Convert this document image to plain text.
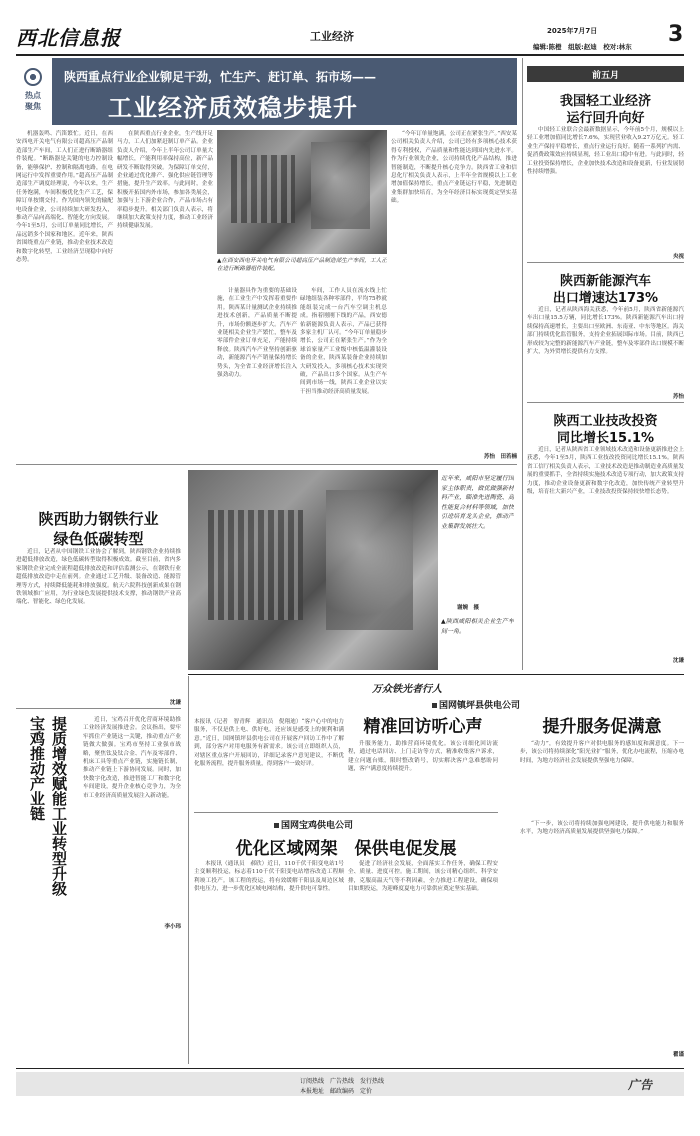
西北信息报	工业经济	2025年7月7日	3
编辑:陈橙　组版:赵迪　校对:林东
热点
聚焦
陕西重点行业企业铆足干劲，忙生产、赶订单、拓市场——
工业经济质效稳步提升

机器轰鸣、汽笛繁忙。近日，在西安西电开关电气有限公司超高压产品制造部生产车间，工人们正进行断路器组件装配。“断路器是关键的电力控制设备，能够保护、控制和隔离电路，在电网运行中发挥重要作用。”超高压产品制造部生产调度经理说，今年以来，生产任务饱满，车间积极优化生产工艺，保障订单按期交付。作为国内领先的输配电设备企业，公司持续加大研发投入，推动产品向高端化、智能化方向发展。今年1至5月，公司订单量同比增长，产品远销多个国家和地区。近年来，陕西省围绕重点产业链，推动企业技术改造和数字化转型，工业经济呈现稳中向好态势。

在陕西重点行业企业，生产线开足马力，工人们加紧赶制订单产品。企业负责人介绍，今年上半年公司订单量大幅增长，产能利用率保持高位，新产品研发不断取得突破。为保障订单交付，企业通过优化排产、强化供应链管理等措施，提升生产效率。与此同时，企业积极开拓国内外市场，参加各类展会，加强与上下游企业合作，产品市场占有率稳步提升。相关部门负责人表示，将继续加大政策支持力度，推动工业经济持续健康发展。

▲在西安西电开关电气有限公司超高压产品制造部生产车间，工人正在进行断路器组件装配。

计量器具作为重要的基础设施，在工业生产中发挥着重要作用。陕西某计量测试企业持续推进技术创新，产品质量不断提升，市场份额逐步扩大。汽车产业链相关企业生产繁忙，整车及零部件企业订单充足，产能持续释放。陕西汽车产业坚持创新驱动，新能源汽车产销量保持增长势头，为全省工业经济增长注入强劲动力。

车间，工作人员在流水线上忙碌地组装各种零部件，平均75秒就能组装完成一台汽车空调主机总成。指着刚刚下线的产品，西安德佑新能源负责人表示，产品已获得多家主机厂认可。“今年订单量稳步增长，公司正在紧张生产。”作为全球首家量产工业级中核低温灌装设备的企业，陕西某装备企业持续加大研发投入，多项核心技术实现突破，产品出口多个国家。从生产车间到市场一线，陕西工业企业以实干担当推动经济高质量发展。

“今年订单量饱满，公司正在紧张生产。”西安某公司相关负责人介绍，公司已经有多项核心技术获得专利授权，产品质量和性能达到国内先进水平。作为行业领先企业，公司持续优化产品结构，推进智能制造，不断提升核心竞争力。陕西省工业和信息化厅相关负责人表示，上半年全省规模以上工业增加值保持增长，重点产业链运行平稳，先进制造业集群加快培育，为全年经济目标实现奠定坚实基础。

苏怡　田若楠
陕西助力钢铁行业
绿色低碳转型

近日，记者从中国钢铁工业协会了解到，陕西钢铁企业持续推进超低排放改造，绿色低碳转型取得积极成效。截至目前，省内多家钢铁企业完成全流程超低排放改造和评估监测公示，在钢铁行业超低排放改造中走在前列。企业通过工艺升级、装备改造、能源管理等方式，持续降低能耗和排放强度。航天六院科技创新成果在钢铁领域推广应用，为行业绿色发展提供技术支撑，推动钢铁产业高端化、智能化、绿色化发展。

沈谦
提质增效赋能工业转型升级　宝鸡推动产业链	近日，宝鸡召开优化营商环境助推工业经济发展推进会。会议指出，要牢牢抓住产业链这一关键，推动重点产业链做大做强。宝鸡市坚持工业强市战略，聚焦钛及钛合金、汽车及零部件、机床工具等重点产业链，实施链长制，推动产业链上下游协同发展。同时，加快数字化改造，推进智能工厂和数字化车间建设，提升企业核心竞争力，为全市工业经济高质量发展注入新动能。

李小玮
近年来，咸阳市坚定履行国家主体职责，做优做强新材料产业，瞄准先进陶瓷、高性能复合材料等领域，加快引进培育龙头企业，推动产业集群发展壮大。
谢婉　摄
▲陕西咸阳相关企业生产车间一角。
前五月
我国轻工业经济
运行回升向好

中国轻工业联合会最新数据显示，今年前5个月，规模以上轻工业增加值同比增长7.6%，实现营业收入9.27万亿元。轻工业生产保持平稳增长，重点行业运行良好。随着一系列扩内需、促消费政策效应持续显现，轻工业出口稳中有进。与此同时，轻工业投资保持增长，企业加快技术改造和设备更新，行业发展韧性持续增强。

央视
陕西新能源汽车
出口增速达173%

近日，记者从陕西海关获悉，今年前5月，陕西省新能源汽车出口量15.5万辆，同比增长173%。陕西新能源汽车出口持续保持高速增长，主要出口至欧洲、东南亚、中东等地区。海关部门持续优化监管服务，支持企业拓展国际市场。目前，陕西已形成较为完整的新能源汽车产业链，整车及零部件出口规模不断扩大，为外贸增长提供有力支撑。

苏怡
陕西工业技改投资
同比增长15.1%

近日，记者从陕西省工业领域技术改造和设备更新推进会上获悉，今年1至5月，陕西工业技改投资同比增长15.1%。陕西省工信厅相关负责人表示，工业技术改造是推动制造业高质量发展的重要抓手，全省持续实施技术改造专项行动，加大政策支持力度，推动企业设备更新和数字化改造，加快传统产业转型升级，培育壮大新兴产业，工业技改投资保持较快增长态势。

沈谦
万众铁光者行人
国网镇坪县供电公司
本报讯（记者　智青辉　通讯员　倪翔迪）“客户心中的电力服务，不仅是供上电、供好电，还应该是感受上的便利和满意。”近日，国网镇坪县供电公司在开展客户回访工作中了解到，部分客户对用电服务有新需求。该公司立即组织人员，对辖区重点客户开展回访，详细记录客户意见建议，不断优化服务流程，提升服务质量，得到客户一致好评。
精准回访听心声

升服务能力，助推营商环境优化。该公司细化回访流程，通过电话回访、上门走访等方式，精准收集客户诉求，建立问题台账，限时整改销号，切实解决客户急难愁盼问题，客户满意度持续提升。

提升服务促满意

“动力”，有效提升客户对供电服务的感知度和满意度。下一步，该公司将持续深化“阳光业扩”服务，优化办电流程，压缩办电时间，为地方经济社会发展提供坚强电力保障。

国网宝鸡供电公司
优化区域网架　保供电促发展

本报讯（通讯员　郝欣）近日，110千伏千阳变电站1号主变顺利投运，标志着110千伏千阳变电站增容改造工程顺利竣工投产。该工程的投运，将有效缓解千阳县及周边区域供电压力，进一步优化区域电网结构，提升供电可靠性。

促进了经济社会发展，全面落实工作任务，确保工程安全、质量、进度可控。施工期间，该公司精心组织、科学安排，克服高温天气等不利因素，全力推进工程建设，确保项目如期投运，为迎峰度夏电力可靠供应奠定坚实基础。

“下一步，该公司将持续加强电网建设，提升供电能力和服务水平，为地方经济高质量发展提供坚强电力保障。”

瞿谨
订阅热线　广告热线　发行热线
本报地址　邮政编码　定价	广告
